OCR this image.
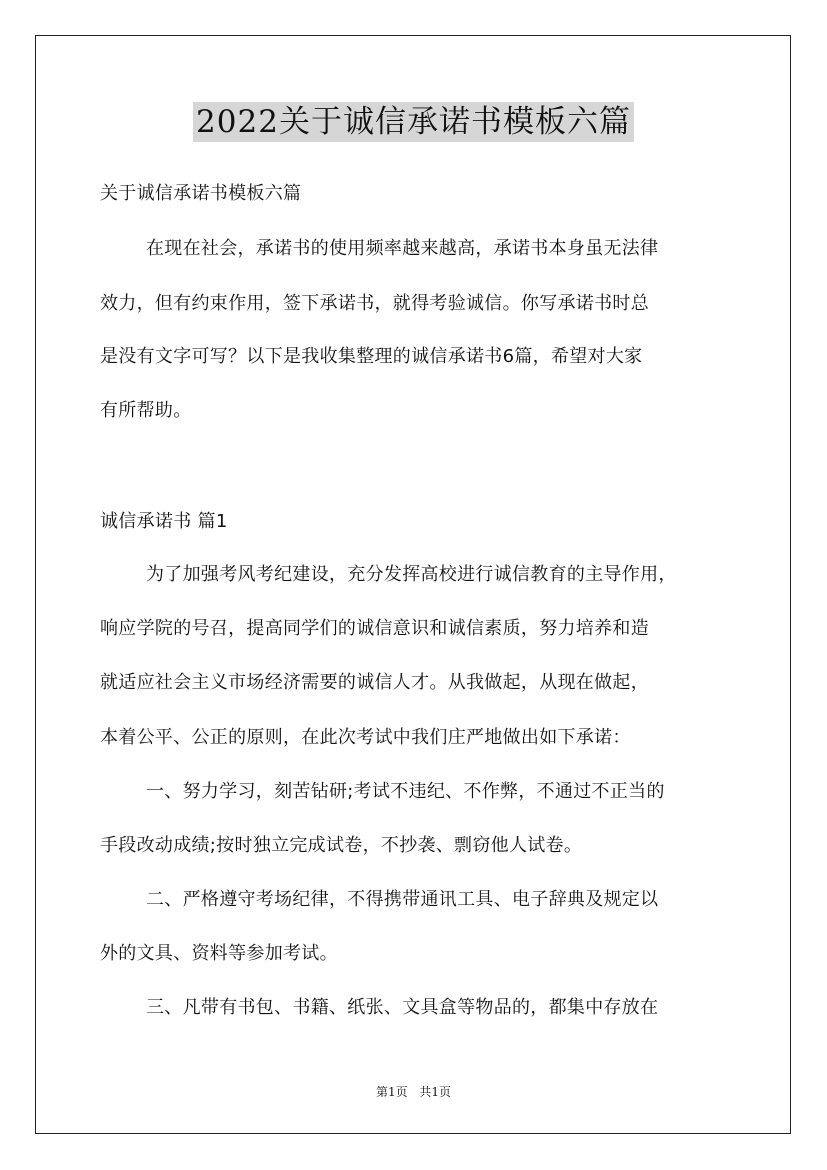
2022关于诚信承诺书模板六篇
关于诚信承诺书模板六篇
在现在社会，承诺书的使用频率越来越高，承诺书本身虽无法律
效力，但有约束作用，签下承诺书，就得考验诚信。你写承诺书时总
是没有文字可写？以下是我收集整理的诚信承诺书6篇，希望对大家
有所帮助。
诚信承诺书 篇1
为了加强考风考纪建设，充分发挥高校进行诚信教育的主导作用，
响应学院的号召，提高同学们的诚信意识和诚信素质，努力培养和造
就适应社会主义市场经济需要的诚信人才。从我做起，从现在做起，
本着公平、公正的原则，在此次考试中我们庄严地做出如下承诺：
一、努力学习，刻苦钻研;考试不违纪、不作弊，不通过不正当的
手段改动成绩;按时独立完成试卷，不抄袭、剽窃他人试卷。
二、严格遵守考场纪律，不得携带通讯工具、电子辞典及规定以
外的文具、资料等参加考试。
三、凡带有书包、书籍、纸张、文具盒等物品的，都集中存放在
第1页 共1页
